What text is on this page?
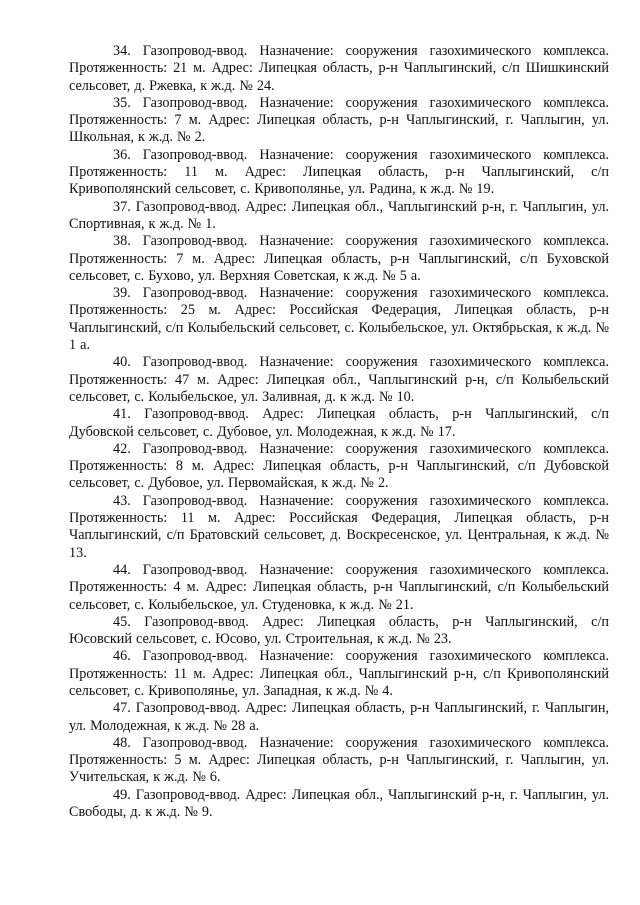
34. Газопровод-ввод. Назначение: сооружения газохимического комплекса. Протяженность: 21 м. Адрес: Липецкая область, р-н Чаплыгинский, с/п Шишкинский сельсовет, д. Ржевка, к ж.д. № 24.

35. Газопровод-ввод. Назначение: сооружения газохимического комплекса. Протяженность: 7 м. Адрес: Липецкая область, р-н Чаплыгинский, г. Чаплыгин, ул. Школьная, к ж.д. № 2.

36. Газопровод-ввод. Назначение: сооружения газохимического комплекса. Протяженность: 11 м. Адрес: Липецкая область, р-н Чаплыгинский, с/п Кривополянский сельсовет, с. Кривополянье, ул. Радина, к ж.д. № 19.

37. Газопровод-ввод. Адрес: Липецкая обл., Чаплыгинский р-н, г. Чаплыгин, ул. Спортивная, к ж.д. № 1.

38. Газопровод-ввод. Назначение: сооружения газохимического комплекса. Протяженность: 7 м. Адрес: Липецкая область, р-н Чаплыгинский, с/п Буховской сельсовет, с. Бухово, ул. Верхняя Советская, к ж.д. № 5 а.

39. Газопровод-ввод. Назначение: сооружения газохимического комплекса. Протяженность: 25 м. Адрес: Российская Федерация, Липецкая область, р-н Чаплыгинский, с/п Колыбельский сельсовет, с. Колыбельское, ул. Октябрьская, к ж.д. № 1 а.

40. Газопровод-ввод. Назначение: сооружения газохимического комплекса. Протяженность: 47 м. Адрес: Липецкая обл., Чаплыгинский р-н, с/п Колыбельский сельсовет, с. Колыбельское, ул. Заливная, д. к ж.д. № 10.

41. Газопровод-ввод. Адрес: Липецкая область, р-н Чаплыгинский, с/п Дубовской сельсовет, с. Дубовое, ул. Молодежная, к ж.д. № 17.

42. Газопровод-ввод. Назначение: сооружения газохимического комплекса. Протяженность: 8 м. Адрес: Липецкая область, р-н Чаплыгинский, с/п Дубовской сельсовет, с. Дубовое, ул. Первомайская, к ж.д. № 2.

43. Газопровод-ввод. Назначение: сооружения газохимического комплекса. Протяженность: 11 м. Адрес: Российская Федерация, Липецкая область, р-н Чаплыгинский, с/п Братовский сельсовет, д. Воскресенское, ул. Центральная, к ж.д. № 13.

44. Газопровод-ввод. Назначение: сооружения газохимического комплекса. Протяженность: 4 м. Адрес: Липецкая область, р-н Чаплыгинский, с/п Колыбельский сельсовет, с. Колыбельское, ул. Студеновка, к ж.д. № 21.

45. Газопровод-ввод. Адрес: Липецкая область, р-н Чаплыгинский, с/п Юсовский сельсовет, с. Юсово, ул. Строительная, к ж.д. № 23.

46. Газопровод-ввод. Назначение: сооружения газохимического комплекса. Протяженность: 11 м. Адрес: Липецкая обл., Чаплыгинский р-н, с/п Кривополянский сельсовет, с. Кривополянье, ул. Западная, к ж.д. № 4.

47. Газопровод-ввод. Адрес: Липецкая область, р-н Чаплыгинский, г. Чаплыгин, ул. Молодежная, к ж.д. № 28 а.

48. Газопровод-ввод. Назначение: сооружения газохимического комплекса. Протяженность: 5 м. Адрес: Липецкая область, р-н Чаплыгинский, г. Чаплыгин, ул. Учительская, к ж.д. № 6.

49. Газопровод-ввод. Адрес: Липецкая обл., Чаплыгинский р-н, г. Чаплыгин, ул. Свободы, д. к ж.д. № 9.
